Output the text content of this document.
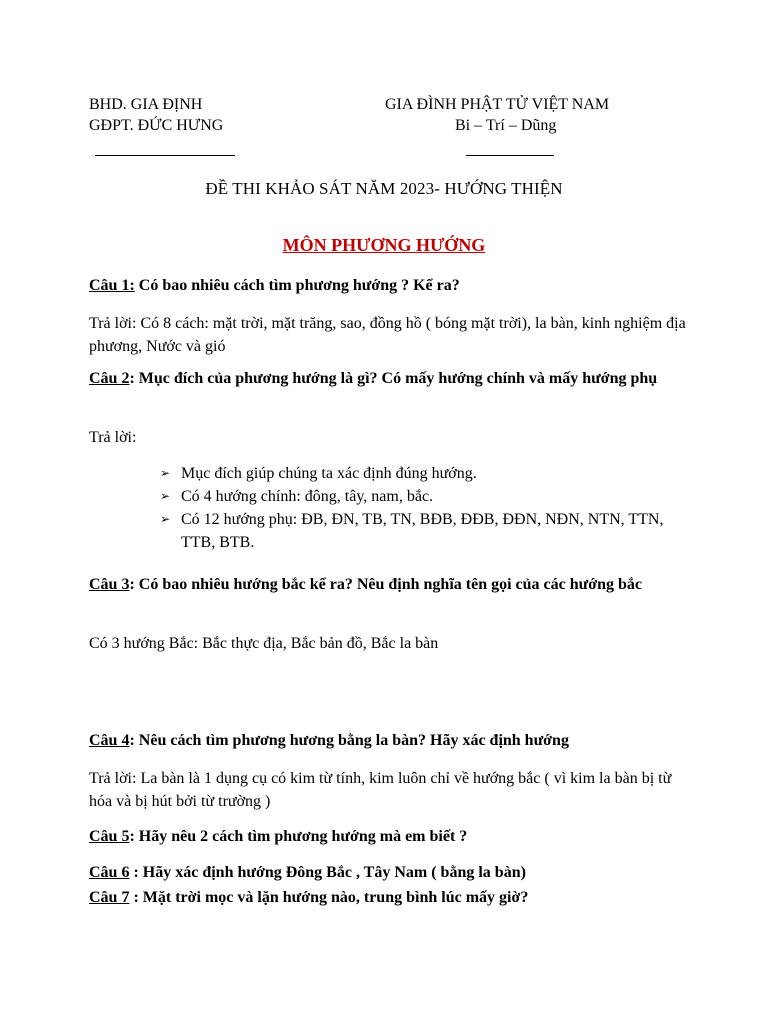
BHD. GIA ĐỊNH
GĐPT. ĐỨC HƯNG
GIA ĐÌNH PHẬT TỬ VIỆT NAM
Bi – Trí – Dũng
ĐỀ THI KHẢO SÁT NĂM 2023- HƯỚNG THIỆN
MÔN PHƯƠNG HƯỚNG
Câu 1: Có bao nhiêu cách tìm phương hướng ? Kể ra?
Trả lời: Có 8 cách: mặt trời, mặt trăng, sao, đồng hồ ( bóng mặt trời), la bàn, kinh nghiệm địa phương, Nước và gió
Câu 2: Mục đích của phương hướng là gì? Có mấy hướng chính và mấy hướng phụ
Trả lời:
➢ Mục đích giúp chúng ta xác định đúng hướng.
➢ Có 4 hướng chính: đông, tây, nam, bắc.
➢ Có 12 hướng phụ: ĐB, ĐN, TB, TN, BĐB, ĐĐB, ĐĐN, NĐN, NTN, TTN, TTB, BTB.
Câu 3: Có bao nhiêu hướng bắc kể ra? Nêu định nghĩa tên gọi của các hướng bắc
Có 3 hướng Bắc: Bắc thực địa, Bắc bản đồ, Bắc la bàn
Câu 4: Nêu cách tìm phương hương bằng la bàn? Hãy xác định hướng
Trả lời: La bàn là 1 dụng cụ có kim từ tính, kim luôn chỉ về hướng bắc ( vì kim la bàn bị từ hóa và bị hút bởi từ trường )
Câu 5: Hãy nêu 2 cách tìm phương hướng mà em biết ?
Câu 6 : Hãy xác định hướng Đông Bắc , Tây Nam ( bằng la bàn)
Câu 7 : Mặt trời mọc và lặn hướng nào, trung bình lúc mấy giờ?
